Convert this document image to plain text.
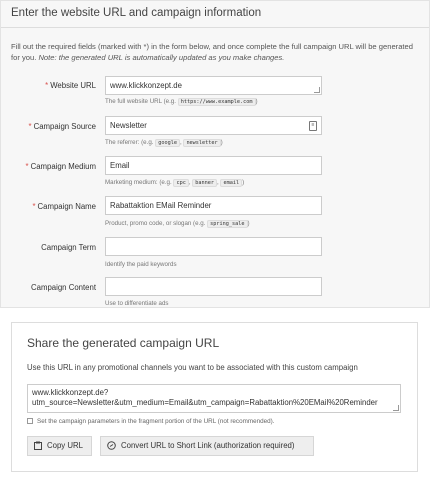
Enter the website URL and campaign information
Fill out the required fields (marked with *) in the form below, and once complete the full campaign URL will be generated for you. Note: the generated URL is automatically updated as you make changes.
* Website URL	www.klickkonzept.de
The full website URL (e.g. https://www.example.com )
* Campaign Source	Newsletter	≡
The referrer: (e.g. google , newsletter )
* Campaign Medium	Email
Marketing medium: (e.g. cpc , banner , email )
* Campaign Name	Rabattaktion EMail Reminder
Product, promo code, or slogan (e.g. spring_sale )
Campaign Term
Identify the paid keywords
Campaign Content
Use to differentiate ads
Share the generated campaign URL
Use this URL in any promotional channels you want to be associated with this custom campaign
www.klickkonzept.de?
utm_source=Newsletter&utm_medium=Email&utm_campaign=Rabattaktion%20EMail%20Reminder
Set the campaign parameters in the fragment portion of the URL (not recommended).
Copy URL	Convert URL to Short Link (authorization required)
